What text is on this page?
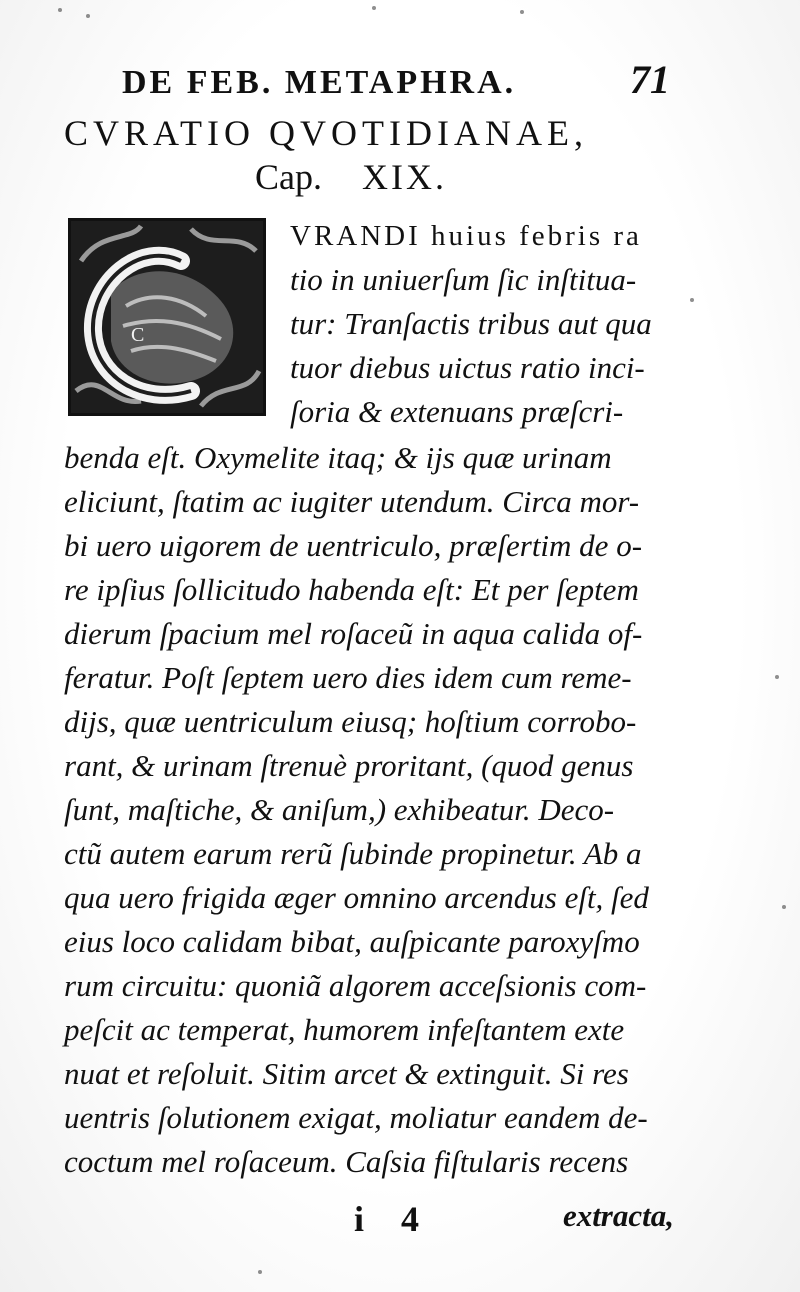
DE FEB. METAPHRA.	71
CVRATIO QVOTIDIANAE,
Cap. XIX.
C
VRANDI huius febris ra
tio in uniuerſum ſic inſtitua-
tur: Tranſactis tribus aut qua
tuor diebus uictus ratio inci-
ſoria & extenuans præſcri-
benda eſt. Oxymelite itaq; & ijs quæ urinam
eliciunt, ſtatim ac iugiter utendum. Circa mor-
bi uero uigorem de uentriculo, præſertim de o-
re ipſius ſollicitudo habenda eſt: Et per ſeptem
dierum ſpacium mel roſaceũ in aqua calida of-
feratur. Poſt ſeptem uero dies idem cum reme-
dijs, quæ uentriculum eiusq; hoſtium corrobo-
rant, & urinam ſtrenuè proritant, (quod genus
ſunt, maſtiche, & aniſum,) exhibeatur. Deco-
ctũ autem earum rerũ ſubinde propinetur. Ab a
qua uero frigida æger omnino arcendus eſt, ſed
eius loco calidam bibat, auſpicante paroxyſmo
rum circuitu: quoniã algorem acceſsionis com-
peſcit ac temperat, humorem infeſtantem exte
nuat et reſoluit. Sitim arcet & extinguit. Si res
uentris ſolutionem exigat, moliatur eandem de-
coctum mel roſaceum. Caſsia fiſtularis recens
i 4	extracta,
